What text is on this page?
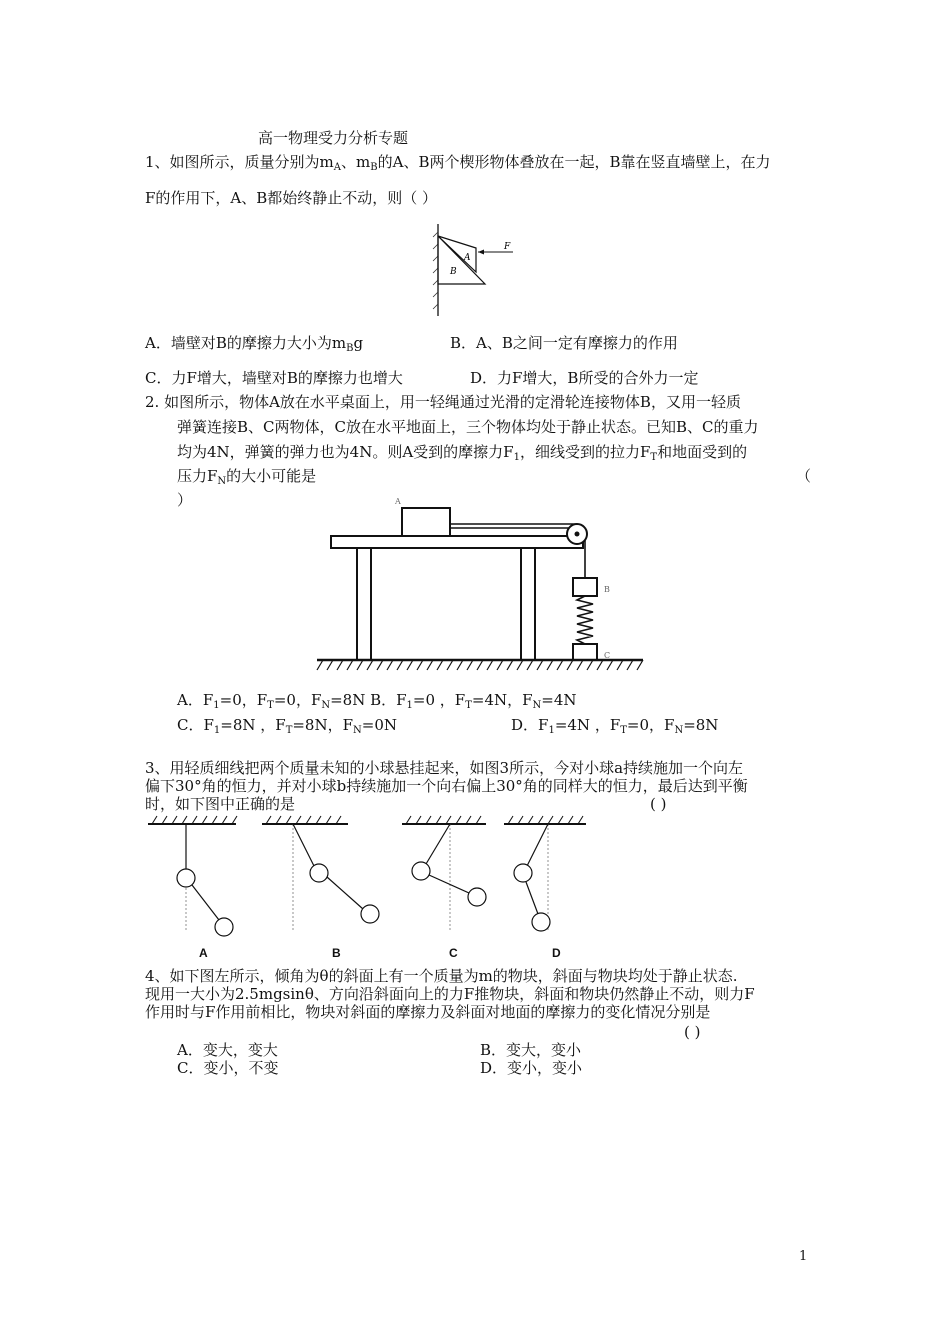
高一物理受力分析专题
1、如图所示，质量分别为$m_A$、$m_B$的A、B两个楔形物体叠放在一起，B靠在竖直墙壁上，在力
F的作用下，A、B都始终静止不动，则（ ）
A
B
F
A．墙壁对B的摩擦力大小为$m_Bg$	B．A、B之间一定有摩擦力的作用
C．力F增大，墙壁对B的摩擦力也增大	D．力F增大，B所受的合外力一定
2. 如图所示，物体A放在水平桌面上，用一轻绳通过光滑的定滑轮连接物体B，又用一轻质
弹簧连接B、C两物体，C放在水平地面上，三个物体均处于静止状态。已知B、C的重力
均为4N，弹簧的弹力也为4N。则A受到的摩擦力$F_1$，细线受到的拉力$F_T$和地面受到的
压力$F_N$的大小可能是	（
）	A
B
C
A．$F_1=0$，$F_T=0$，$F_N=8N$ B．$F_1=0$ ，$F_T=4N$，$F_N=4N$
C．$F_1=8N$ ，$F_T=8N$，$F_N=0N$	D．$F_1=4N$ ，$F_T=0$，$F_N=8N$
3、用轻质细线把两个质量未知的小球悬挂起来，如图3所示，今对小球a持续施加一个向左
偏下30°角的恒力，并对小球b持续施加一个向右偏上30°角的同样大的恒力，最后达到平衡
时，如下图中正确的是	( )
A	B	C	D
4、如下图左所示，倾角为θ的斜面上有一个质量为m的物块，斜面与物块均处于静止状态.
现用一大小为2.5mgsinθ、方向沿斜面向上的力F推物块，斜面和物块仍然静止不动，则力F
作用时与F作用前相比，物块对斜面的摩擦力及斜面对地面的摩擦力的变化情况分别是
( )
A．变大，变大	B．变大，变小
C．变小，不变	D．变小，变小
1
